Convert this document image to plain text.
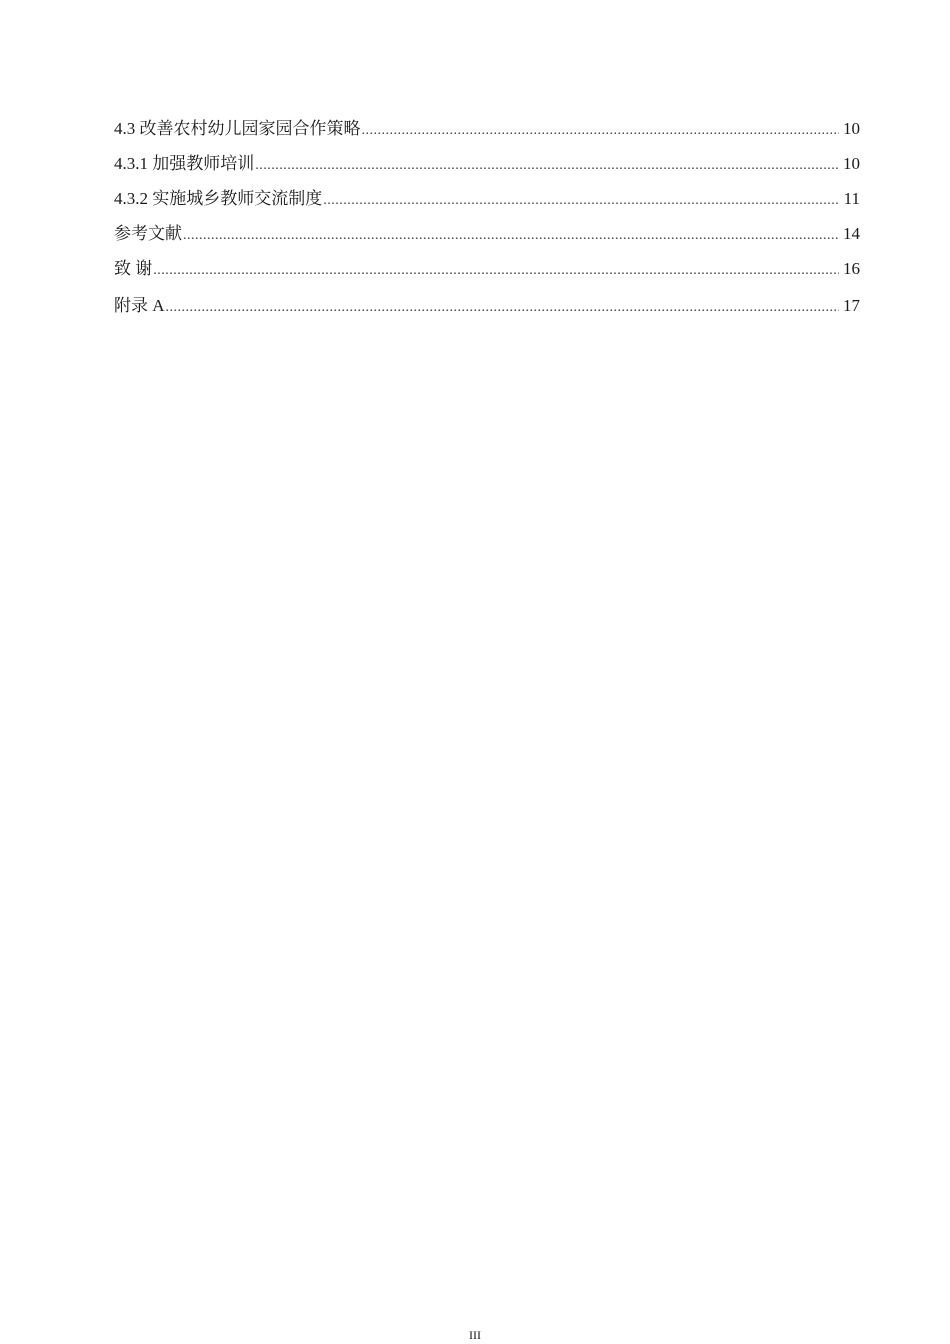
4.3 改善农村幼儿园家园合作策略 .....	10
4.3.1 加强教师培训 .....	10
4.3.2 实施城乡教师交流制度 .....	11
参考文献 .....	14
致 谢 .....	16
附录 A .....	17
III
